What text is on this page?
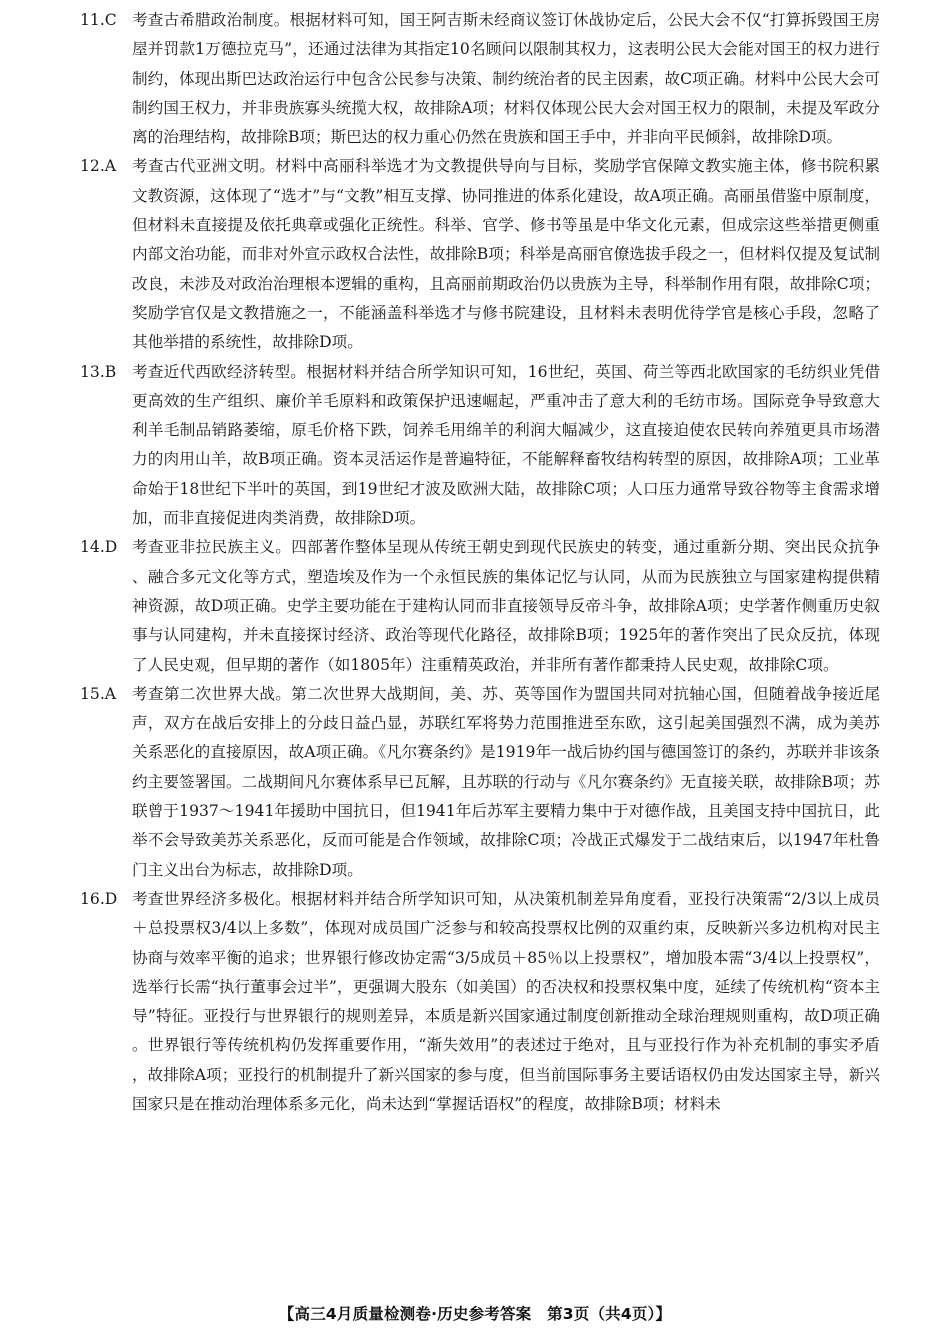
11.C 考查古希腊政治制度。根据材料可知，国王阿吉斯未经商议签订休战协定后，公民大会不仅“打算拆毁国王房屋并罚款1万德拉克马”，还通过法律为其指定10名顾问以限制其权力，这表明公民大会能对国王的权力进行制约，体现出斯巴达政治运行中包含公民参与决策、制约统治者的民主因素，故C项正确。材料中公民大会可制约国王权力，并非贵族寡头统揽大权，故排除A项；材料仅体现公民大会对国王权力的限制，未提及军政分离的治理结构，故排除B项；斯巴达的权力重心仍然在贵族和国王手中，并非向平民倾斜，故排除D项。
12.A	考查古代亚洲文明。材料中高丽科举选才为文教提供导向与目标，奖励学官保障文教实施主体，修书院积累文教资源，这体现了“选才”与“文教”相互支撑、协同推进的体系化建设，故A项正确。高丽虽借鉴中原制度，但材料未直接提及依托典章或强化正统性。科举、官学、修书等虽是中华文化元素，但成宗这些举措更侧重内部文治功能，而非对外宣示政权合法性，故排除B项；科举是高丽官僚选拔手段之一，但材料仅提及复试制改良，未涉及对政治治理根本逻辑的重构，且高丽前期政治仍以贵族为主导，科举制作用有限，故排除C项；奖励学官仅是文教措施之一，不能涵盖科举选才与修书院建设，且材料未表明优待学官是核心手段，忽略了其他举措的系统性，故排除D项。
13.B	考查近代西欧经济转型。根据材料并结合所学知识可知，16世纪，英国、荷兰等西北欧国家的毛纺织业凭借更高效的生产组织、廉价羊毛原料和政策保护迅速崛起，严重冲击了意大利的毛纺市场。国际竞争导致意大利羊毛制品销路萎缩，原毛价格下跌，饲养毛用绵羊的利润大幅减少，这直接迫使农民转向养殖更具市场潜力的肉用山羊，故B项正确。资本灵活运作是普遍特征，不能解释畜牧结构转型的原因，故排除A项；工业革命始于18世纪下半叶的英国，到19世纪才波及欧洲大陆，故排除C项；人口压力通常导致谷物等主食需求增加，而非直接促进肉类消费，故排除D项。
14.D 考查亚非拉民族主义。四部著作整体呈现从传统王朝史到现代民族史的转变，通过重新分期、突出民众抗争、融合多元文化等方式，塑造埃及作为一个永恒民族的集体记忆与认同，从而为民族独立与国家建构提供精神资源，故D项正确。史学主要功能在于建构认同而非直接领导反帝斗争，故排除A项；史学著作侧重历史叙事与认同建构，并未直接探讨经济、政治等现代化路径，故排除B项；1925年的著作突出了民众反抗，体现了人民史观，但早期的著作（如1805年）注重精英政治，并非所有著作都秉持人民史观，故排除C项。
15.A	考查第二次世界大战。第二次世界大战期间，美、苏、英等国作为盟国共同对抗轴心国，但随着战争接近尾声，双方在战后安排上的分歧日益凸显，苏联红军将势力范围推进至东欧，这引起美国强烈不满，成为美苏关系恶化的直接原因，故A项正确。《凡尔赛条约》是1919年一战后协约国与德国签订的条约，苏联并非该条约主要签署国。二战期间凡尔赛体系早已瓦解，且苏联的行动与《凡尔赛条约》无直接关联，故排除B项；苏联曾于1937～1941年援助中国抗日，但1941年后苏军主要精力集中于对德作战，且美国支持中国抗日，此举不会导致美苏关系恶化，反而可能是合作领域，故排除C项；冷战正式爆发于二战结束后，以1947年杜鲁门主义出台为标志，故排除D项。
16.D 考查世界经济多极化。根据材料并结合所学知识可知，从决策机制差异角度看，亚投行决策需“2/3以上成员＋总投票权3/4以上多数”，体现对成员国广泛参与和较高投票权比例的双重约束，反映新兴多边机构对民主协商与效率平衡的追求；世界银行修改协定需“3/5成员＋85％以上投票权”，增加股本需“3/4以上投票权”，选举行长需“执行董事会过半”，更强调大股东（如美国）的否决权和投票权集中度，延续了传统机构“资本主导”特征。亚投行与世界银行的规则差异，本质是新兴国家通过制度创新推动全球治理规则重构，故D项正确。世界银行等传统机构仍发挥重要作用，“渐失效用”的表述过于绝对，且与亚投行作为补充机制的事实矛盾，故排除A项；亚投行的机制提升了新兴国家的参与度，但当前国际事务主要话语权仍由发达国家主导，新兴国家只是在推动治理体系多元化，尚未达到“掌握话语权”的程度，故排除B项；材料未
【高三4月质量检测卷·历史参考答案　第3页（共4页）】
